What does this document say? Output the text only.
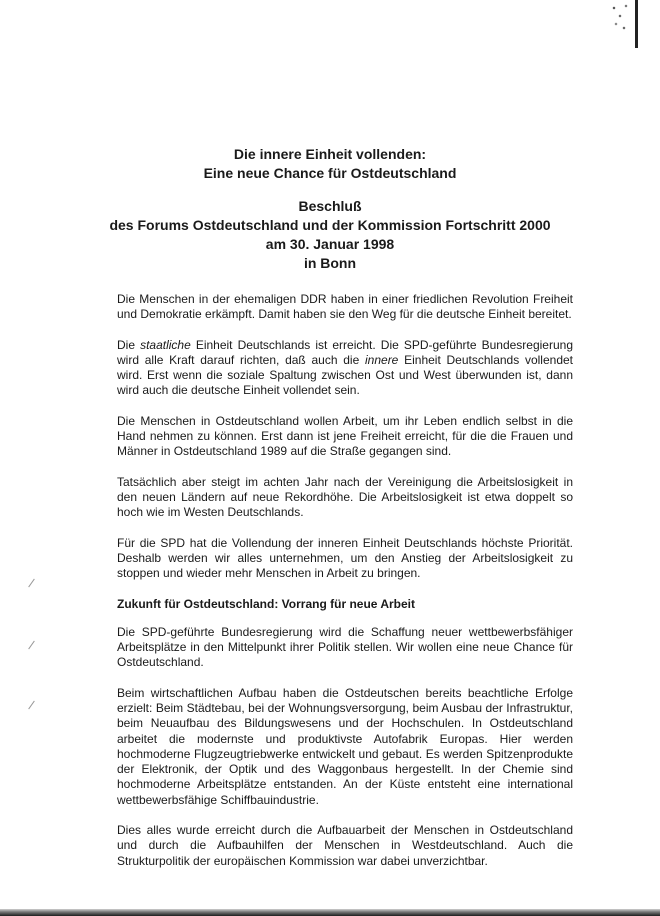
Die innere Einheit vollenden:
Eine neue Chance für Ostdeutschland
Beschluß
des Forums Ostdeutschland und der Kommission Fortschritt 2000
am 30. Januar 1998
in Bonn

Die Menschen in der ehemaligen DDR haben in einer friedlichen Revolution Freiheit und Demokratie erkämpft. Damit haben sie den Weg für die deutsche Einheit bereitet.

Die staatliche Einheit Deutschlands ist erreicht. Die SPD-geführte Bundesregierung wird alle Kraft darauf richten, daß auch die innere Einheit Deutschlands vollendet wird. Erst wenn die soziale Spaltung zwischen Ost und West überwunden ist, dann wird auch die deutsche Einheit vollendet sein.

Die Menschen in Ostdeutschland wollen Arbeit, um ihr Leben endlich selbst in die Hand nehmen zu können. Erst dann ist jene Freiheit erreicht, für die die Frauen und Männer in Ostdeutschland 1989 auf die Straße gegangen sind.

Tatsächlich aber steigt im achten Jahr nach der Vereinigung die Arbeitslosigkeit in den neuen Ländern auf neue Rekordhöhe. Die Arbeitslosigkeit ist etwa doppelt so hoch wie im Westen Deutschlands.

Für die SPD hat die Vollendung der inneren Einheit Deutschlands höchste Priorität. Deshalb werden wir alles unternehmen, um den Anstieg der Arbeitslosigkeit zu stoppen und wieder mehr Menschen in Arbeit zu bringen.

Zukunft für Ostdeutschland: Vorrang für neue Arbeit

Die SPD-geführte Bundesregierung wird die Schaffung neuer wettbewerbsfähiger Arbeitsplätze in den Mittelpunkt ihrer Politik stellen. Wir wollen eine neue Chance für Ostdeutschland.

Beim wirtschaftlichen Aufbau haben die Ostdeutschen bereits beachtliche Erfolge erzielt: Beim Städtebau, bei der Wohnungsversorgung, beim Ausbau der Infrastruktur, beim Neuaufbau des Bildungswesens und der Hochschulen. In Ostdeutschland arbeitet die modernste und produktivste Autofabrik Europas. Hier werden hochmoderne Flugzeugtriebwerke entwickelt und gebaut. Es werden Spitzenprodukte der Elektronik, der Optik und des Waggonbaus hergestellt. In der Chemie sind hochmoderne Arbeitsplätze entstanden. An der Küste entsteht eine international wettbewerbsfähige Schiffbauindustrie.

Dies alles wurde erreicht durch die Aufbauarbeit der Menschen in Ostdeutschland und durch die Aufbauhilfen der Menschen in Westdeutschland. Auch die Strukturpolitik der europäischen Kommission war dabei unverzichtbar.
